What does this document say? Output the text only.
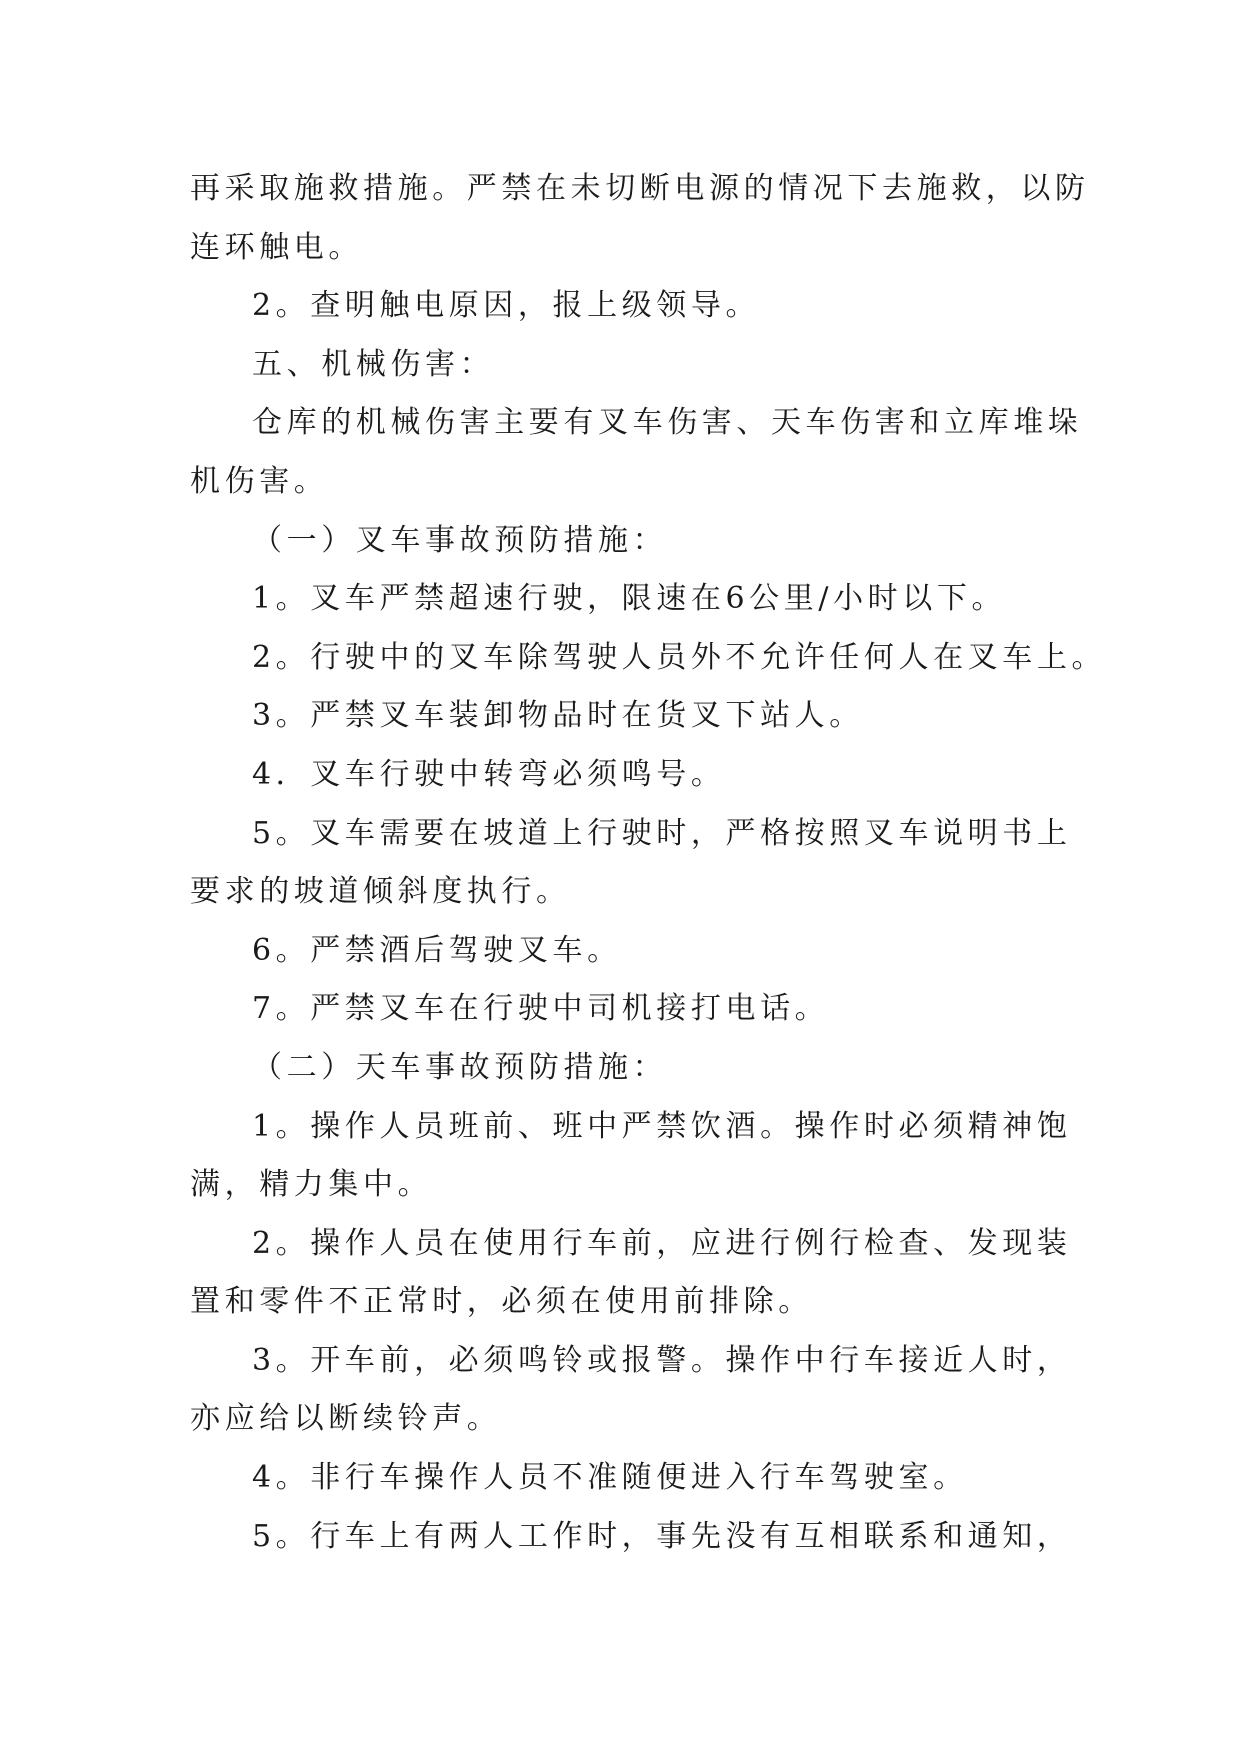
再采取施救措施。严禁在未切断电源的情况下去施救，以防
连环触电。
2。查明触电原因，报上级领导。
五、机械伤害：
仓库的机械伤害主要有叉车伤害、天车伤害和立库堆垛
机伤害。
（一）叉车事故预防措施：
1。叉车严禁超速行驶，限速在6公里/小时以下。
2。行驶中的叉车除驾驶人员外不允许任何人在叉车上。
3。严禁叉车装卸物品时在货叉下站人。
4．叉车行驶中转弯必须鸣号。
5。叉车需要在坡道上行驶时，严格按照叉车说明书上
要求的坡道倾斜度执行。
6。严禁酒后驾驶叉车。
7。严禁叉车在行驶中司机接打电话。
（二）天车事故预防措施：
1。操作人员班前、班中严禁饮酒。操作时必须精神饱
满，精力集中。
2。操作人员在使用行车前，应进行例行检查、发现装
置和零件不正常时，必须在使用前排除。
3。开车前，必须鸣铃或报警。操作中行车接近人时，
亦应给以断续铃声。
4。非行车操作人员不准随便进入行车驾驶室。
5。行车上有两人工作时，事先没有互相联系和通知，
